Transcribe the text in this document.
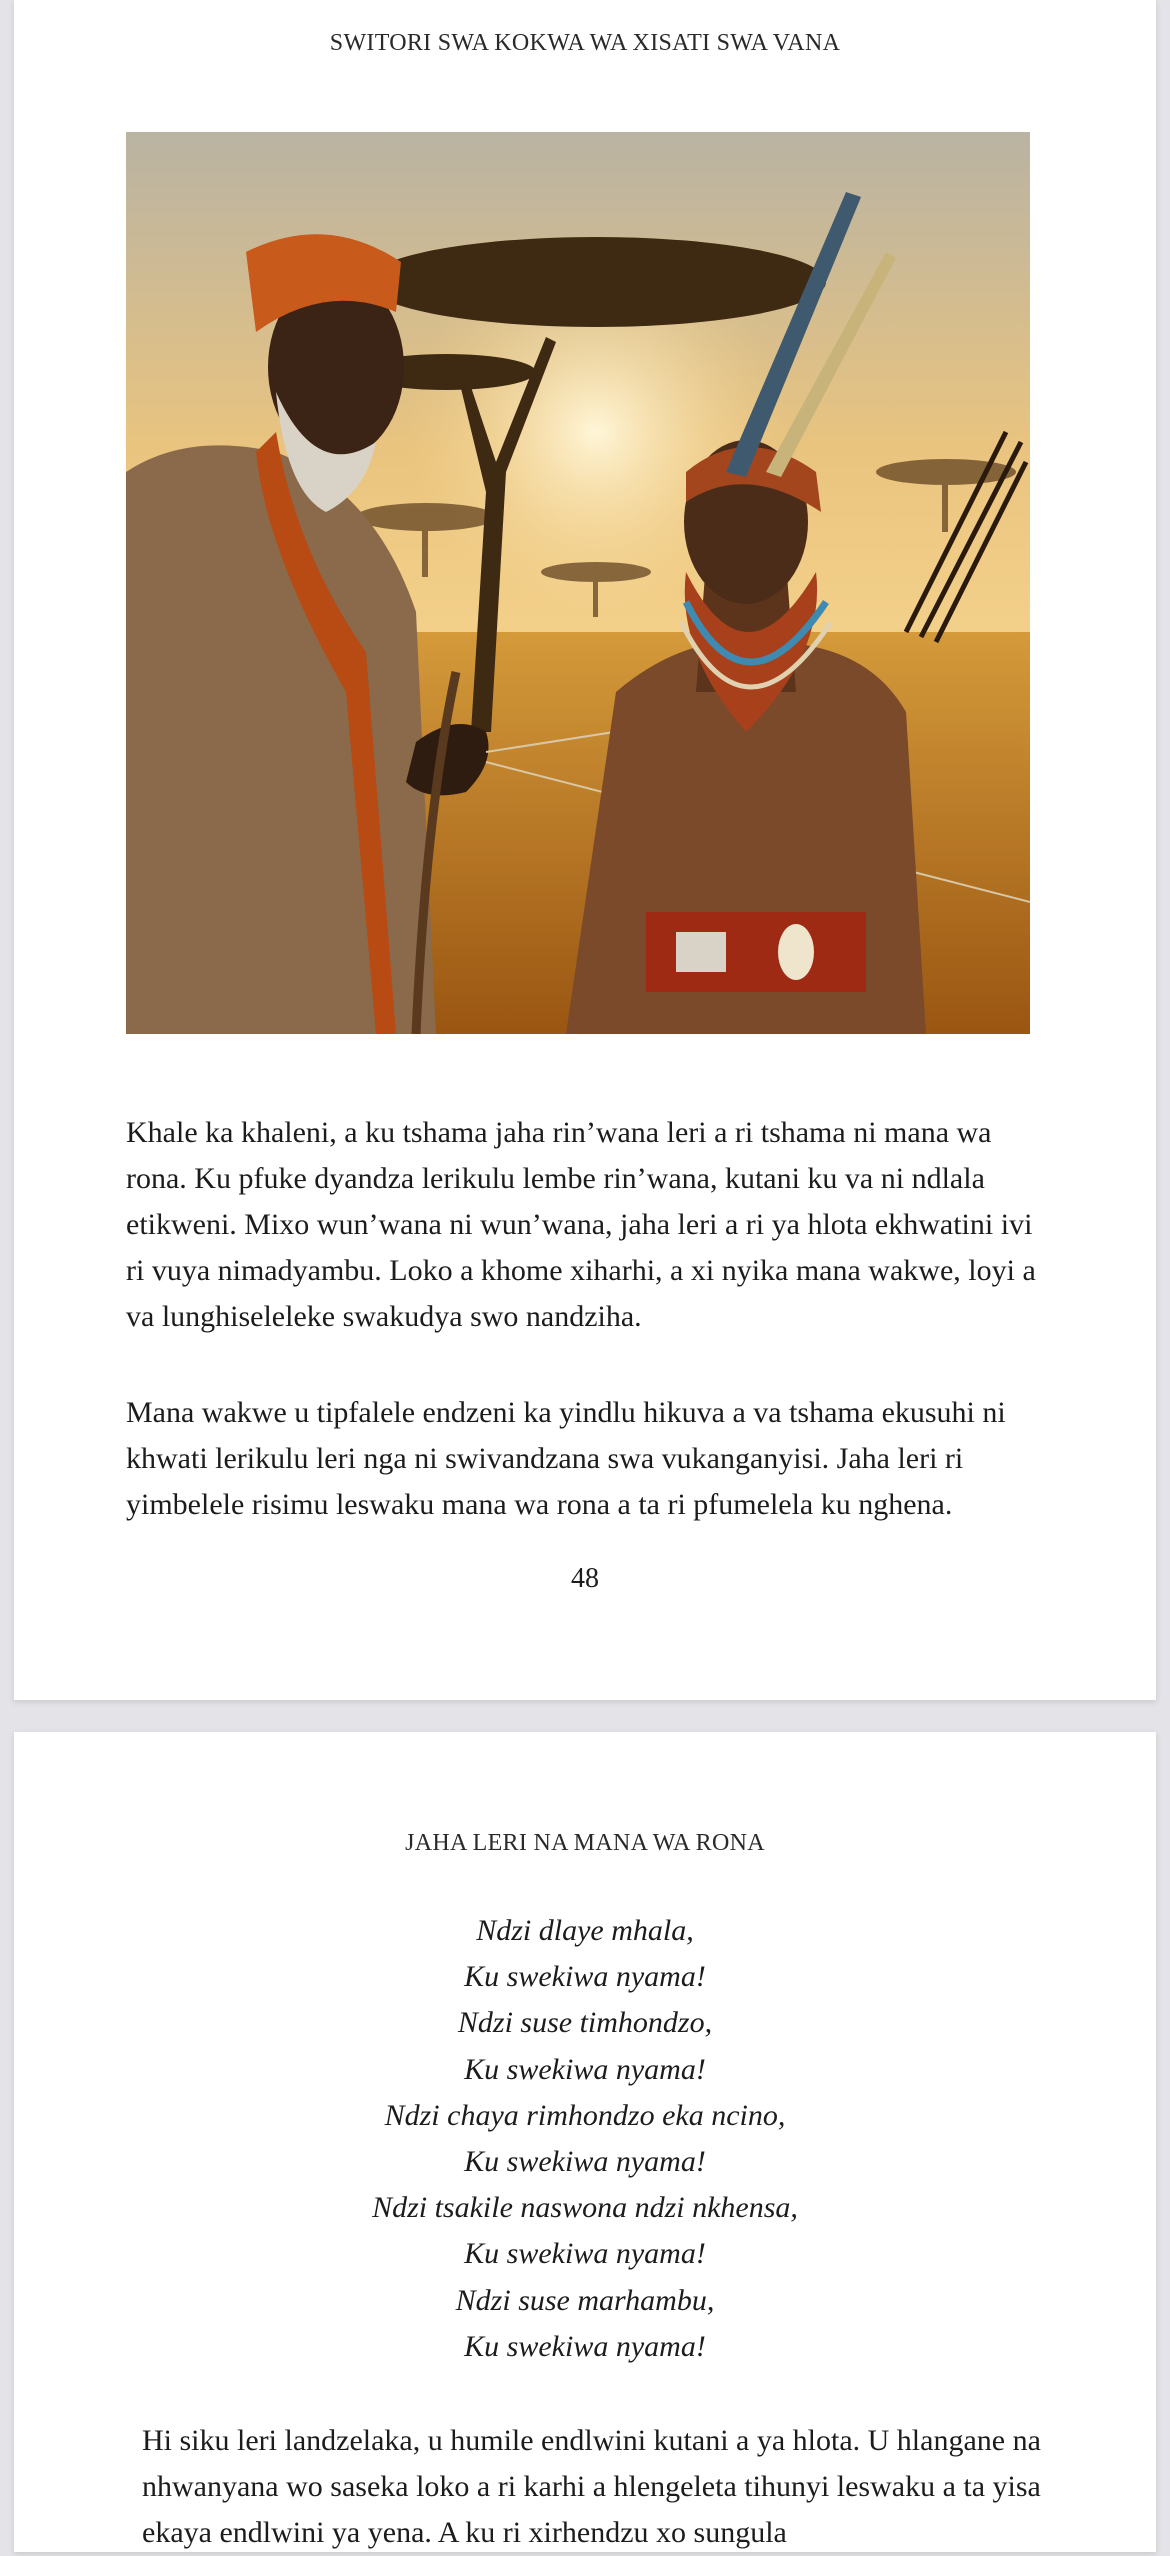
SWITORI SWA KOKWA WA XISATI SWA VANA

Khale ka khaleni, a ku tshama jaha rin’wana leri a ri tshama ni mana wa rona. Ku pfuke dyandza lerikulu lembe rin’wana, kutani ku va ni ndlala etikweni. Mixo wun’wana ni wun’wana, jaha leri a ri ya hlota ekhwatini ivi ri vuya nimadyambu. Loko a khome xiharhi, a xi nyika mana wakwe, loyi a va lunghiseleleke swakudya swo nandziha.

Mana wakwe u tipfalele endzeni ka yindlu hikuva a va tshama ekusuhi ni khwati lerikulu leri nga ni swivandzana swa vukanganyisi. Jaha leri ri yimbelele risimu leswaku mana wa rona a ta ri pfumelela ku nghena.

48
JAHA LERI NA MANA WA RONA
Ndzi dlaye mhala,
Ku swekiwa nyama!
Ndzi suse timhondzo,
Ku swekiwa nyama!
Ndzi chaya rimhondzo eka ncino,
Ku swekiwa nyama!
Ndzi tsakile naswona ndzi nkhensa,
Ku swekiwa nyama!
Ndzi suse marhambu,
Ku swekiwa nyama!

Hi siku leri landzelaka, u humile endlwini kutani a ya hlota. U hlangane na nhwanyana wo saseka loko a ri karhi a hlengeleta tihunyi leswaku a ta yisa ekaya endlwini ya yena. A ku ri xirhendzu xo sungula
